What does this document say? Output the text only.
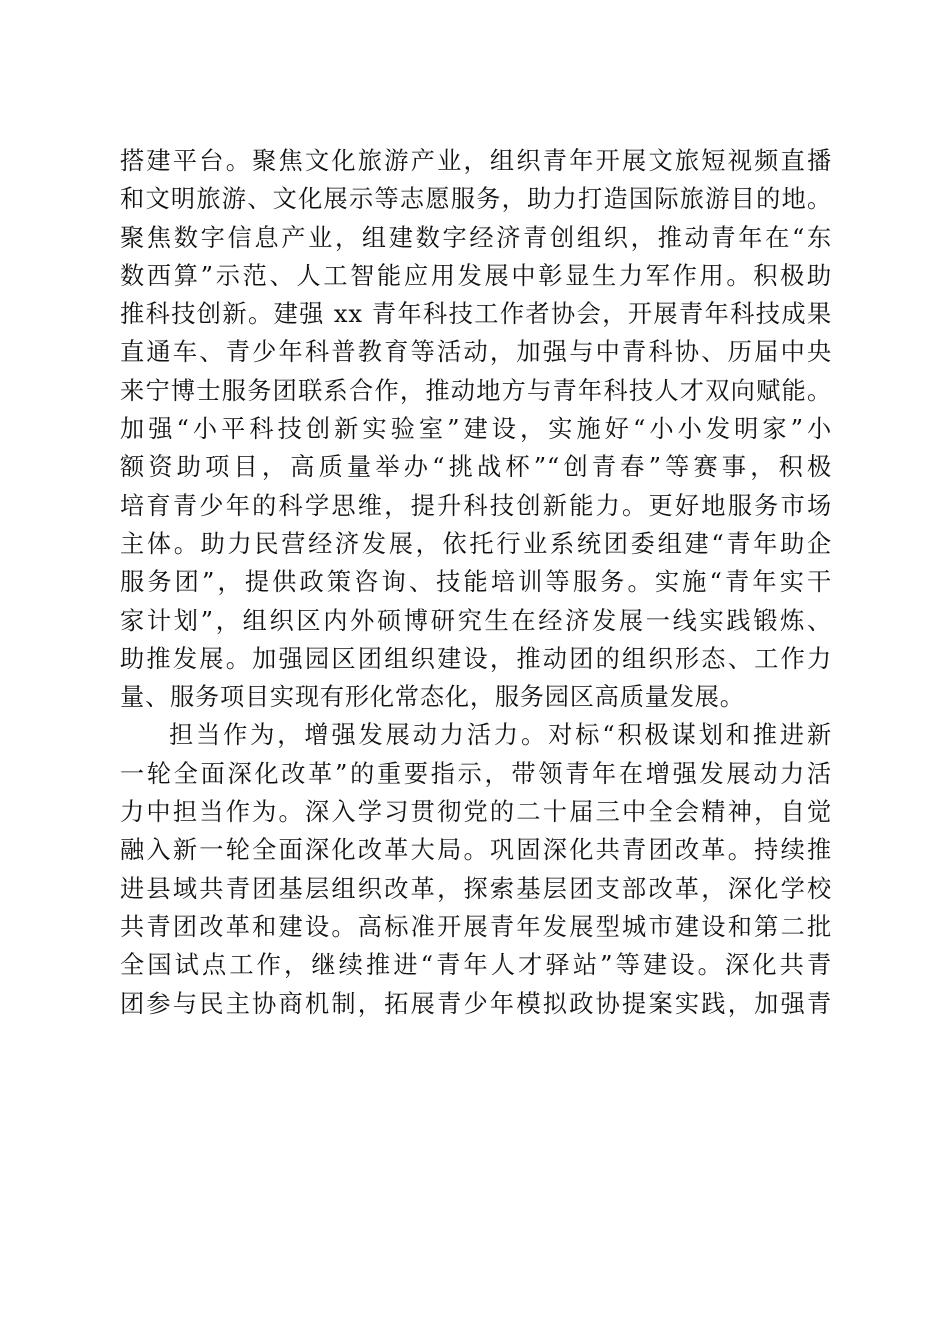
搭建平台。聚焦文化旅游产业，组织青年开展文旅短视频直播
和文明旅游、文化展示等志愿服务，助力打造国际旅游目的地。
聚焦数字信息产业，组建数字经济青创组织，推动青年在“东
数西算”示范、人工智能应用发展中彰显生力军作用。积极助
推科技创新。建强 xx 青年科技工作者协会，开展青年科技成果
直通车、青少年科普教育等活动，加强与中青科协、历届中央
来宁博士服务团联系合作，推动地方与青年科技人才双向赋能。
加强“小平科技创新实验室”建设，实施好“小小发明家”小
额资助项目，高质量举办“挑战杯”“创青春”等赛事，积极
培育青少年的科学思维，提升科技创新能力。更好地服务市场
主体。助力民营经济发展，依托行业系统团委组建“青年助企
服务团”，提供政策咨询、技能培训等服务。实施“青年实干
家计划”，组织区内外硕博研究生在经济发展一线实践锻炼、
助推发展。加强园区团组织建设，推动团的组织形态、工作力
量、服务项目实现有形化常态化，服务园区高质量发展。
担当作为，增强发展动力活力。对标“积极谋划和推进新
一轮全面深化改革”的重要指示，带领青年在增强发展动力活
力中担当作为。深入学习贯彻党的二十届三中全会精神，自觉
融入新一轮全面深化改革大局。巩固深化共青团改革。持续推
进县域共青团基层组织改革，探索基层团支部改革，深化学校
共青团改革和建设。高标准开展青年发展型城市建设和第二批
全国试点工作，继续推进“青年人才驿站”等建设。深化共青
团参与民主协商机制，拓展青少年模拟政协提案实践，加强青
